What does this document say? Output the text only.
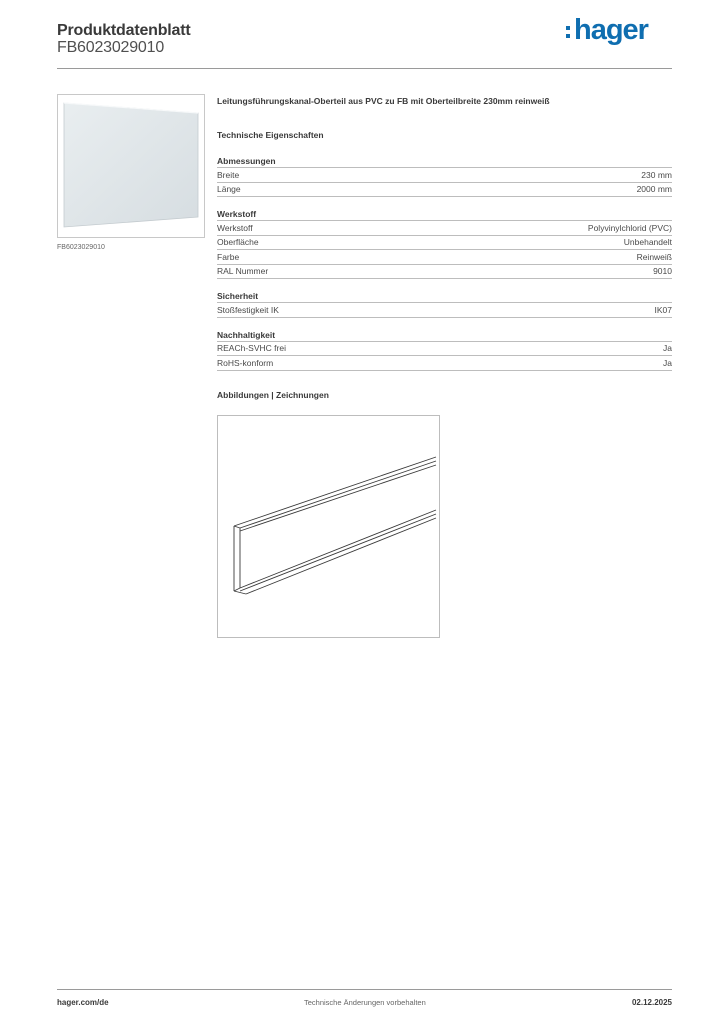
Produktdatenblatt
FB6023029010
hager
FB6023029010
Leitungsführungskanal-Oberteil aus PVC zu FB mit Oberteilbreite 230mm reinweiß
Technische Eigenschaften
Abmessungen
Breite	230 mm
Länge	2000 mm
Werkstoff
Werkstoff	Polyvinylchlorid (PVC)
Oberfläche	Unbehandelt
Farbe	Reinweiß
RAL Nummer	9010
Sicherheit
Stoßfestigkeit IK	IK07
Nachhaltigkeit
REACh-SVHC frei	Ja
RoHS-konform	Ja
Abbildungen | Zeichnungen
hager.com/de	Technische Änderungen vorbehalten	02.12.2025
